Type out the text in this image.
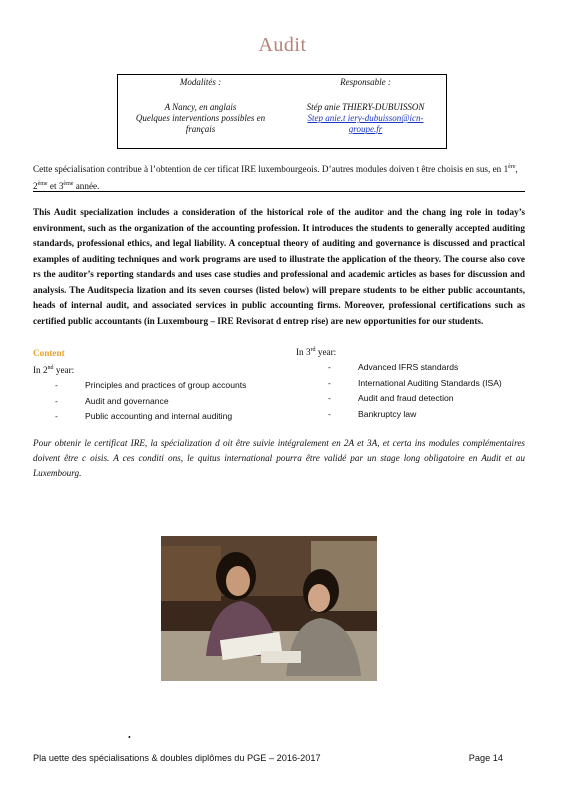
Audit
Modalités :
A Nancy, en anglais
Quelques interventions possibles en
français
Responsable :
Stép anie THIERY-DUBUISSON
Step anie.t iery-dubuisson@icn-
groupe.fr
Cette spécialisation contribue à l’obtention de cer tificat IRE luxembourgeois. D’autres modules doiven t être choisis en sus, en 1ère, 2ème et 3ème année.
This Audit specialization includes a consideration of the historical role of the auditor and the chang ing role in today’s environment, such as the organization of the accounting profession. It introduces the students to generally accepted auditing standards, professional ethics, and legal liability. A conceptual theory of auditing and governance is discussed and practical examples of auditing techniques and work programs are used to illustrate the application of the theory. The course also cove rs the auditor’s reporting standards and uses case studies and professional and academic articles as bases for discussion and analysis. The Auditspecia lization and its seven courses (listed below) will prepare students to be either public accountants, heads of internal audit, and associated services in public accounting firms. Moreover, professional certifications such as certified public accountants (in Luxembourg – IRE Revisorat d entrep rise) are new opportunities for our students.
Content
In 2nd year:
- Principles and practices of group accounts
- Audit and governance
- Public accounting and internal auditing
In 3rd year:
- Advanced IFRS standards
- International Auditing Standards (ISA)
- Audit and fraud detection
- Bankruptcy law
Pour obtenir le certificat IRE, la spécialization d oit être suivie intégralement en 2A et 3A, et certa ins modules complémentaires doivent être c oisis. A ces conditi ons, le quitus international pourra être validé par un stage long obligatoire en Audit et au Luxembourg.
•
Pla uette des spécialisations & doubles diplômes du PGE – 2016-2017	Page 14
